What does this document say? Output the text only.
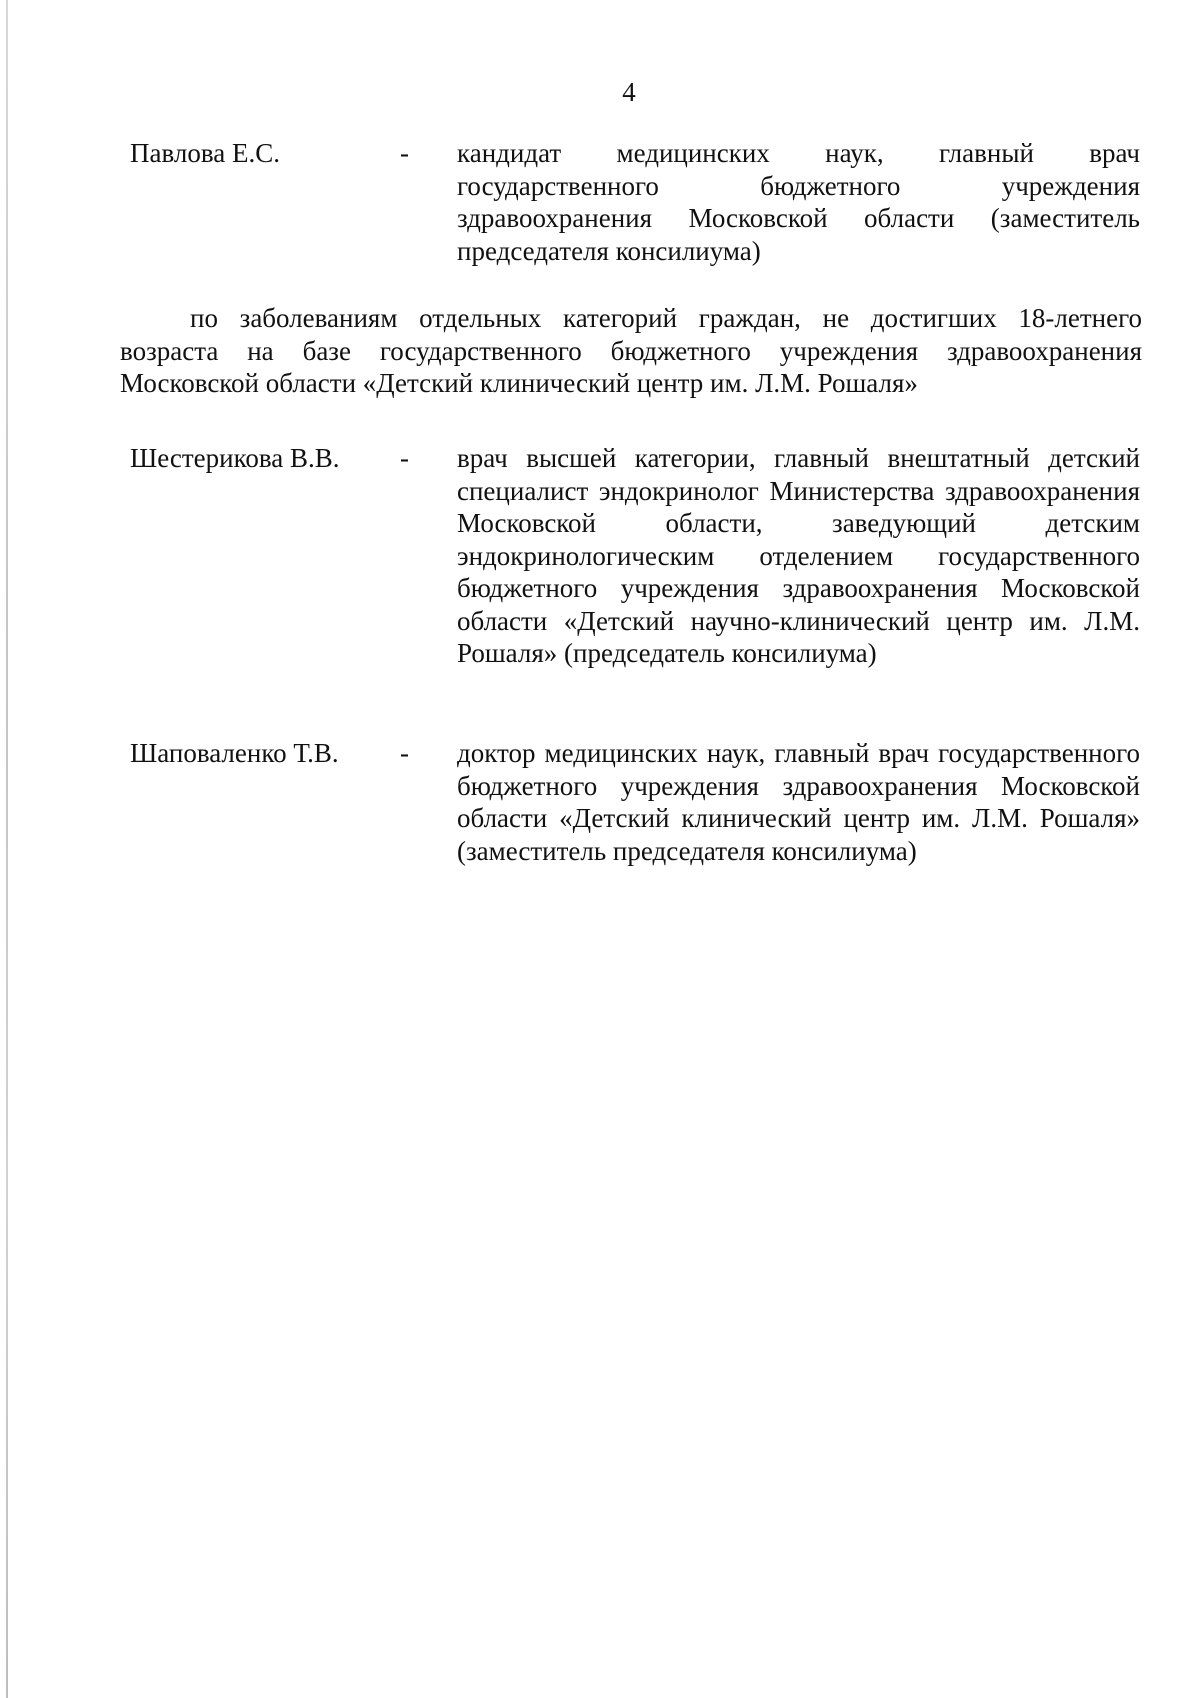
4
Павлова Е.С.	- кандидат медицинских наук, главный врач государственного бюджетного учреждения здравоохранения Московской области (заместитель председателя консилиума)

по заболеваниям отдельных категорий граждан, не достигших 18-летнего возраста на базе государственного бюджетного учреждения здравоохранения Московской области «Детский клинический центр им. Л.М. Рошаля»

Шестерикова В.В. - врач высшей категории, главный внештатный детский специалист эндокринолог Министерства здравоохранения Московской области, заведующий детским эндокринологическим отделением государственного бюджетного учреждения здравоохранения Московской области «Детский научно-клинический центр им. Л.М. Рошаля» (председатель консилиума)
Шаповаленко Т.В. - доктор медицинских наук, главный врач государственного бюджетного учреждения здравоохранения Московской области «Детский клинический центр им. Л.М. Рошаля» (заместитель председателя консилиума)
